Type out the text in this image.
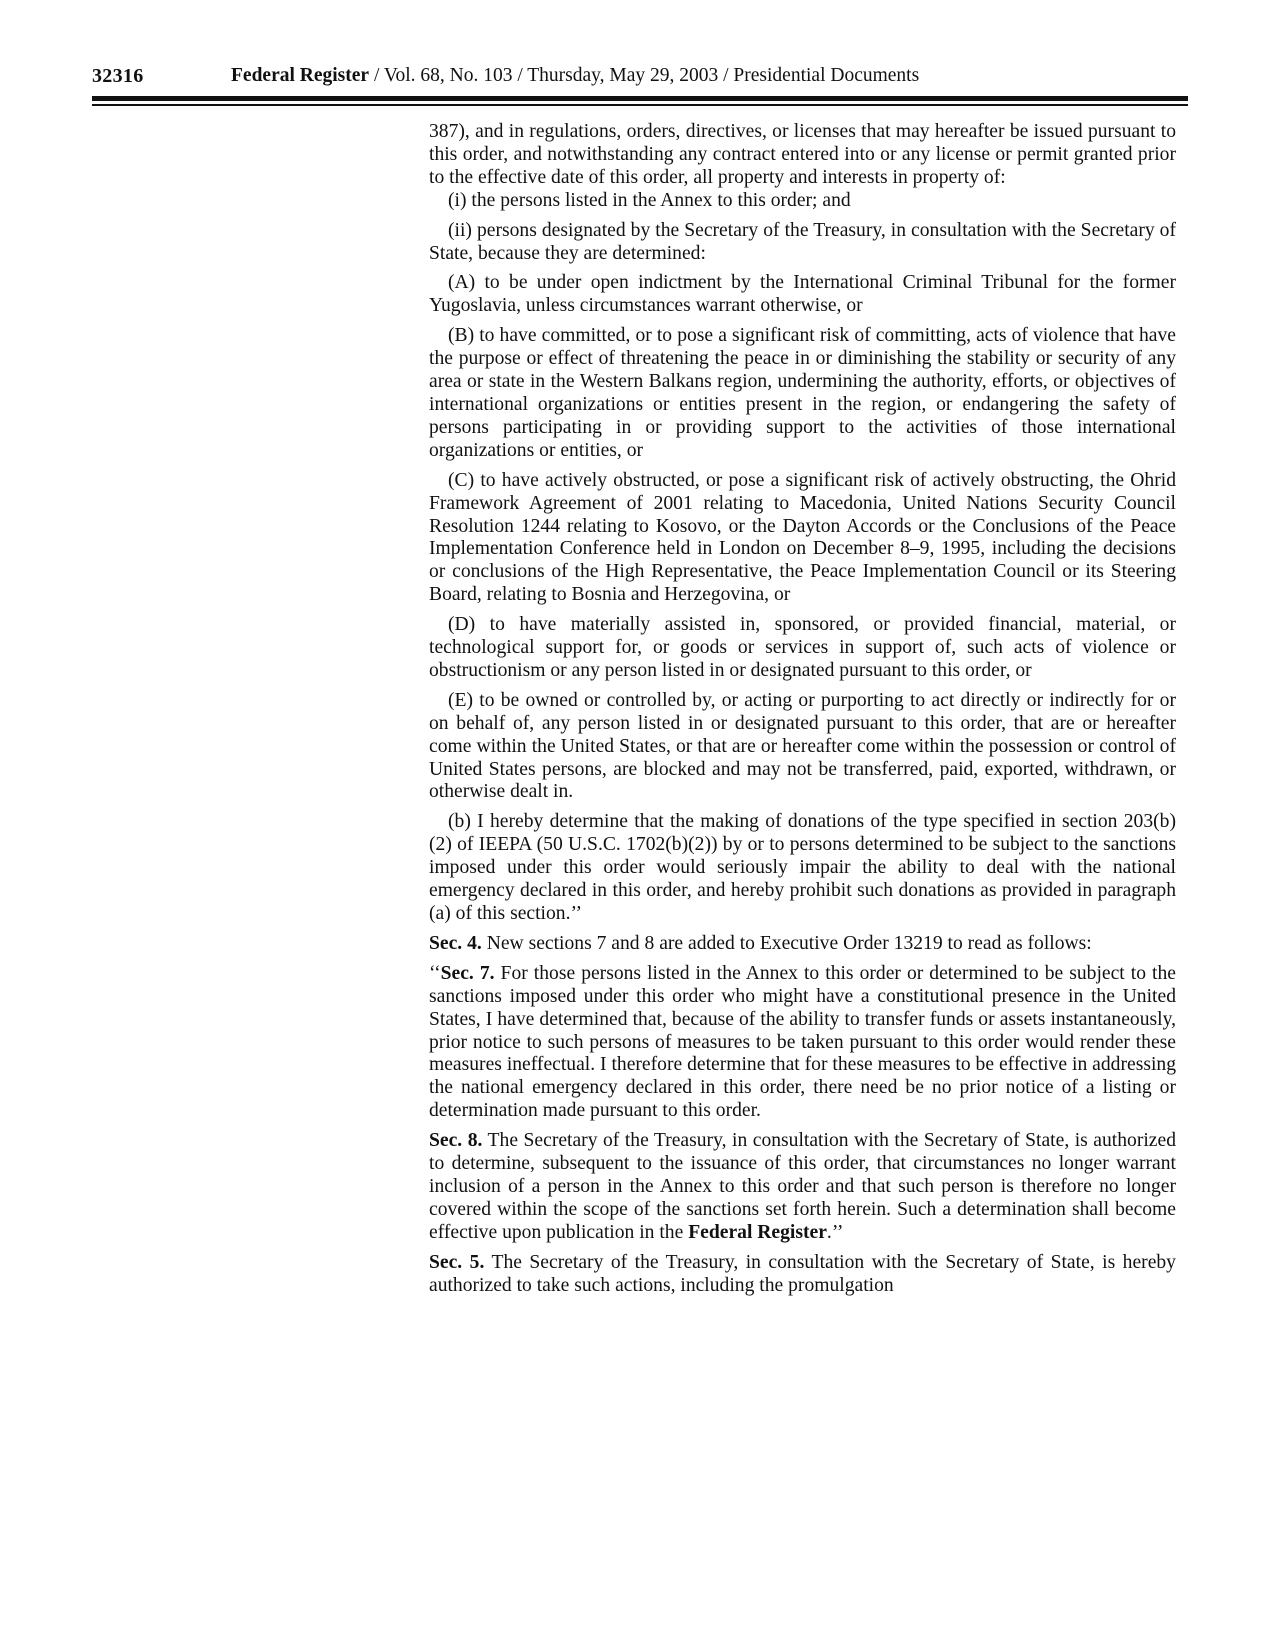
32316	Federal Register / Vol. 68, No. 103 / Thursday, May 29, 2003 / Presidential Documents

387), and in regulations, orders, directives, or licenses that may hereafter be issued pursuant to this order, and notwithstanding any contract entered into or any license or permit granted prior to the effective date of this order, all property and interests in property of:

(i) the persons listed in the Annex to this order; and

(ii) persons designated by the Secretary of the Treasury, in consultation with the Secretary of State, because they are determined:

(A) to be under open indictment by the International Criminal Tribunal for the former Yugoslavia, unless circumstances warrant otherwise, or

(B) to have committed, or to pose a significant risk of committing, acts of violence that have the purpose or effect of threatening the peace in or diminishing the stability or security of any area or state in the Western Balkans region, undermining the authority, efforts, or objectives of international organizations or entities present in the region, or endangering the safety of persons participating in or providing support to the activities of those international organizations or entities, or

(C) to have actively obstructed, or pose a significant risk of actively obstructing, the Ohrid Framework Agreement of 2001 relating to Macedonia, United Nations Security Council Resolution 1244 relating to Kosovo, or the Dayton Accords or the Conclusions of the Peace Implementation Conference held in London on December 8–9, 1995, including the decisions or conclusions of the High Representative, the Peace Implementation Council or its Steering Board, relating to Bosnia and Herzegovina, or

(D) to have materially assisted in, sponsored, or provided financial, material, or technological support for, or goods or services in support of, such acts of violence or obstructionism or any person listed in or designated pursuant to this order, or

(E) to be owned or controlled by, or acting or purporting to act directly or indirectly for or on behalf of, any person listed in or designated pursuant to this order, that are or hereafter come within the United States, or that are or hereafter come within the possession or control of United States persons, are blocked and may not be transferred, paid, exported, withdrawn, or otherwise dealt in.

(b) I hereby determine that the making of donations of the type specified in section 203(b)(2) of IEEPA (50 U.S.C. 1702(b)(2)) by or to persons determined to be subject to the sanctions imposed under this order would seriously impair the ability to deal with the national emergency declared in this order, and hereby prohibit such donations as provided in paragraph (a) of this section.’’

Sec. 4. New sections 7 and 8 are added to Executive Order 13219 to read as follows:

‘‘Sec. 7. For those persons listed in the Annex to this order or determined to be subject to the sanctions imposed under this order who might have a constitutional presence in the United States, I have determined that, because of the ability to transfer funds or assets instantaneously, prior notice to such persons of measures to be taken pursuant to this order would render these measures ineffectual. I therefore determine that for these measures to be effective in addressing the national emergency declared in this order, there need be no prior notice of a listing or determination made pursuant to this order.

Sec. 8. The Secretary of the Treasury, in consultation with the Secretary of State, is authorized to determine, subsequent to the issuance of this order, that circumstances no longer warrant inclusion of a person in the Annex to this order and that such person is therefore no longer covered within the scope of the sanctions set forth herein. Such a determination shall become effective upon publication in the Federal Register.’’

Sec. 5. The Secretary of the Treasury, in consultation with the Secretary of State, is hereby authorized to take such actions, including the promulgation
